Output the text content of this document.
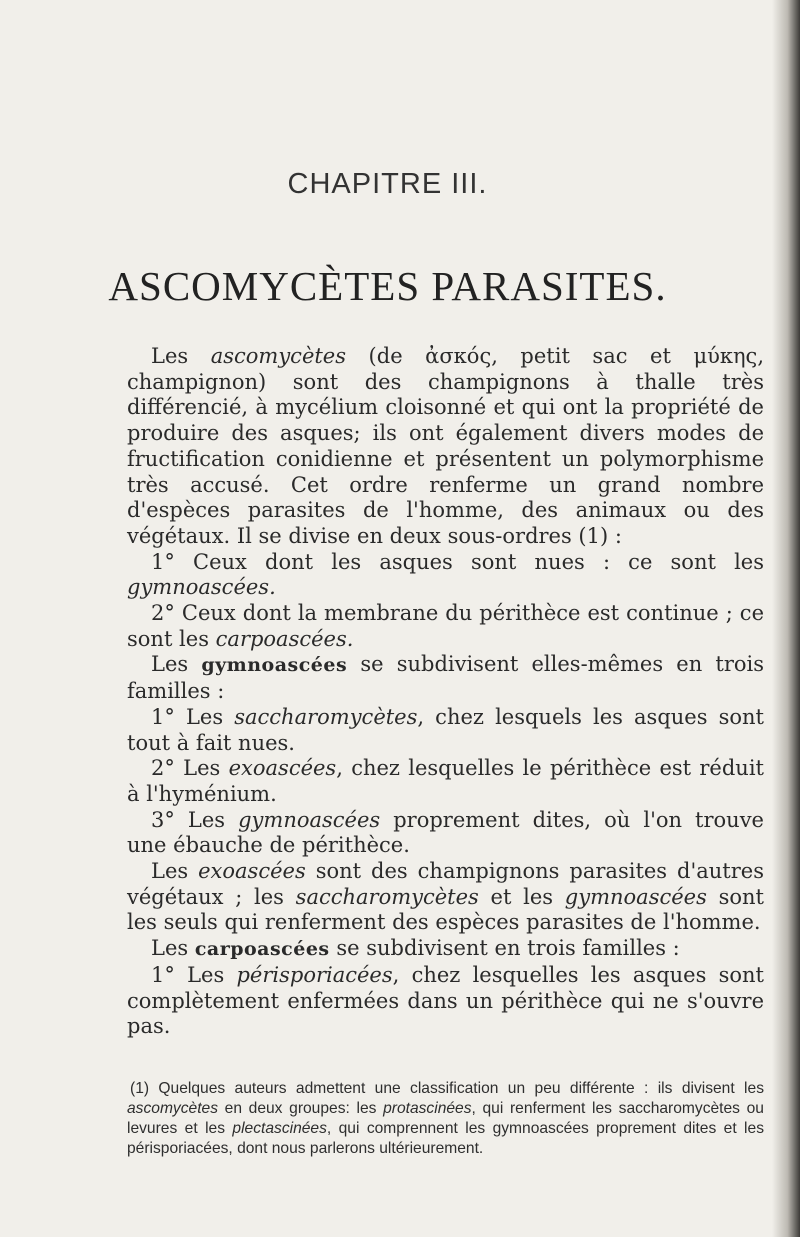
CHAPITRE III.
ASCOMYCÈTES PARASITES.

Les ascomycètes (de ἀσκός, petit sac et μύκης, champignon) sont des champignons à thalle très différencié, à mycélium cloisonné et qui ont la propriété de produire des asques; ils ont également divers modes de fructification conidienne et présentent un polymorphisme très accusé. Cet ordre renferme un grand nombre d'espèces parasites de l'homme, des animaux ou des végétaux. Il se divise en deux sous-ordres (1) :

1° Ceux dont les asques sont nues : ce sont les gymnoascées.

2° Ceux dont la membrane du périthèce est continue ; ce sont les carpoascées.

Les gymnoascées se subdivisent elles-mêmes en trois familles :

1° Les saccharomycètes, chez lesquels les asques sont tout à fait nues.

2° Les exoascées, chez lesquelles le périthèce est réduit à l'hyménium.

3° Les gymnoascées proprement dites, où l'on trouve une ébauche de périthèce.

Les exoascées sont des champignons parasites d'autres végétaux ; les saccharomycètes et les gymnoascées sont les seuls qui renferment des espèces parasites de l'homme.

Les carpoascées se subdivisent en trois familles :

1° Les périsporiacées, chez lesquelles les asques sont complètement enfermées dans un périthèce qui ne s'ouvre pas.

(1) Quelques auteurs admettent une classification un peu différente : ils divisent les ascomycètes en deux groupes: les protascinées, qui renferment les saccharomycètes ou levures et les plectascinées, qui comprennent les gymnoascées proprement dites et les périsporiacées, dont nous parlerons ultérieurement.
